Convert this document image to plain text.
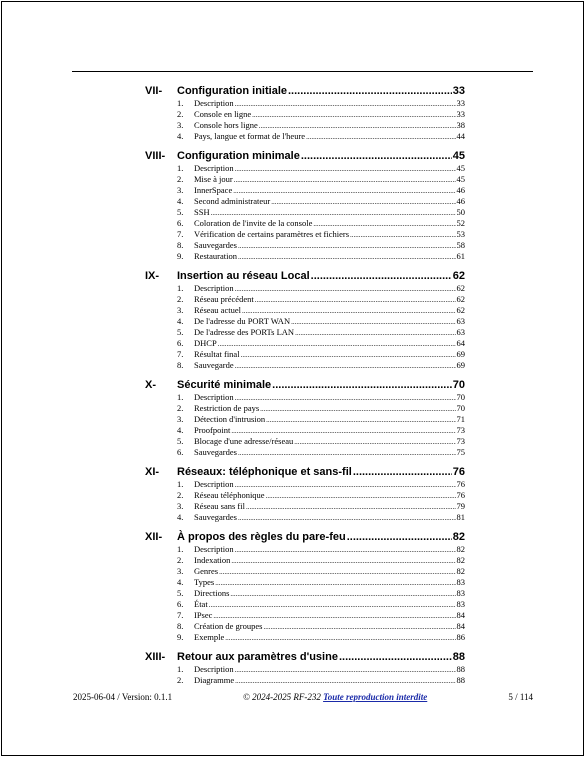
VII-	Configuration initiale .....	33
1.	Description .....	33
2.	Console en ligne .....	33
3.	Console hors ligne .....	38
4.	Pays, langue et format de l'heure .....	44
VIII-	Configuration minimale .....	45
1.	Description .....	45
2.	Mise à jour .....	45
3.	InnerSpace .....	46
4.	Second administrateur .....	46
5.	SSH .....	50
6.	Coloration de l'invite de la console .....	52
7.	Vérification de certains paramètres et fichiers .....	53
8.	Sauvegardes .....	58
9.	Restauration .....	61
IX-	Insertion au réseau Local .....	62
1.	Description .....	62
2.	Réseau précédent .....	62
3.	Réseau actuel .....	62
4.	De l'adresse du PORT WAN .....	63
5.	De l'adresse des PORTs LAN .....	63
6.	DHCP .....	64
7.	Résultat final .....	69
8.	Sauvegarde .....	69
X-	Sécurité minimale .....	70
1.	Description .....	70
2.	Restriction de pays .....	70
3.	Détection d'intrusion .....	71
4.	Proofpoint .....	73
5.	Blocage d'une adresse/réseau .....	73
6.	Sauvegardes .....	75
XI-	Réseaux: téléphonique et sans-fil .....	76
1.	Description .....	76
2.	Réseau téléphonique .....	76
3.	Réseau sans fil .....	79
4.	Sauvegardes .....	81
XII-	À propos des règles du pare-feu .....	82
1.	Description .....	82
2.	Indexation .....	82
3.	Genres .....	82
4.	Types .....	83
5.	Directions .....	83
6.	État .....	83
7.	IPsec .....	84
8.	Création de groupes .....	84
9.	Exemple .....	86
XIII-	Retour aux paramètres d'usine .....	88
1.	Description .....	88
2.	Diagramme .....	88
2025-06-04 / Version: 0.1.1	© 2024-2025 RF-232 Toute reproduction interdite	5 / 114
